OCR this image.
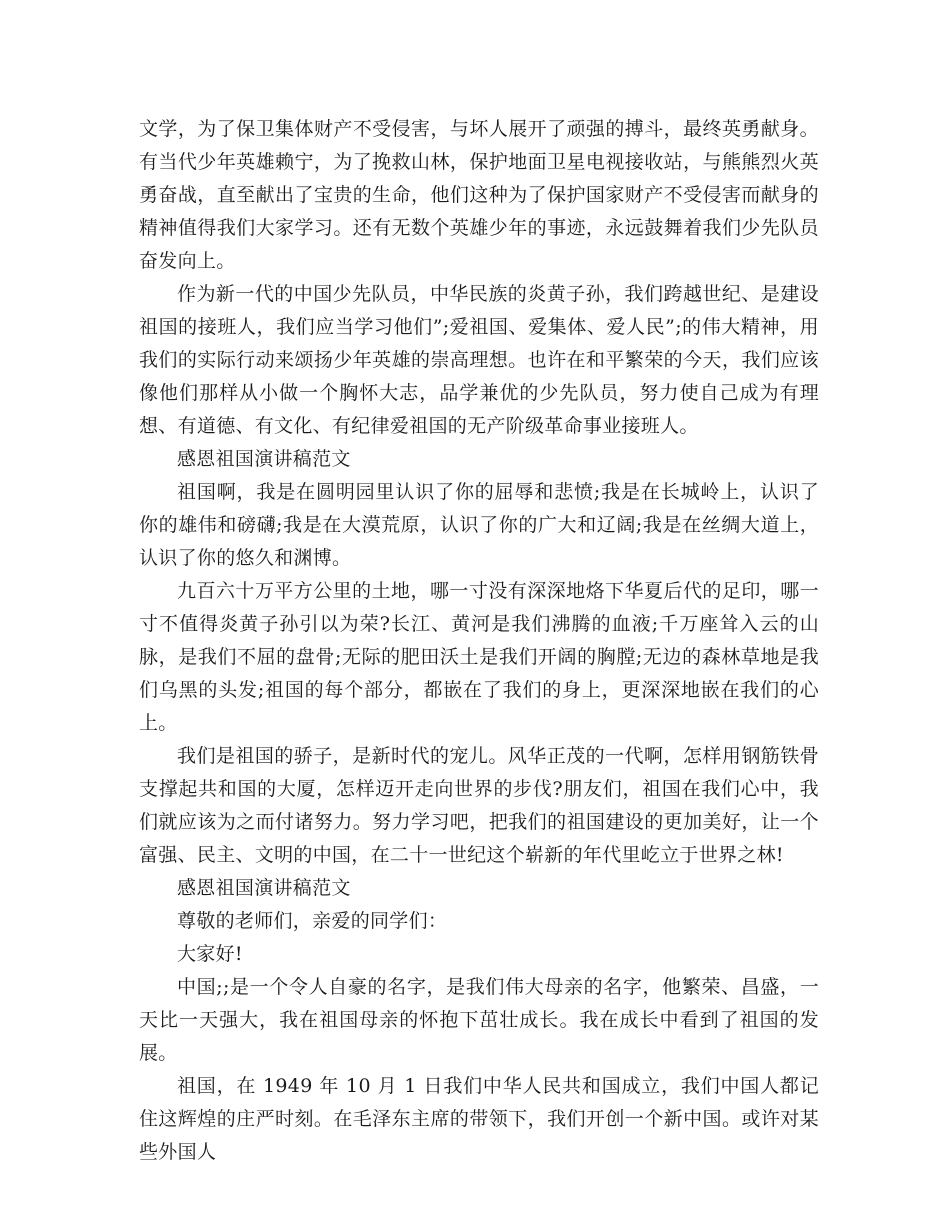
文学，为了保卫集体财产不受侵害，与坏人展开了顽强的搏斗，最终英勇献身。有当代少年英雄赖宁，为了挽救山林，保护地面卫星电视接收站，与熊熊烈火英勇奋战，直至献出了宝贵的生命，他们这种为了保护国家财产不受侵害而献身的精神值得我们大家学习。还有无数个英雄少年的事迹，永远鼓舞着我们少先队员奋发向上。

作为新一代的中国少先队员，中华民族的炎黄子孙，我们跨越世纪、是建设祖国的接班人，我们应当学习他们”;爱祖国、爱集体、爱人民”;的伟大精神，用我们的实际行动来颂扬少年英雄的崇高理想。也许在和平繁荣的今天，我们应该像他们那样从小做一个胸怀大志，品学兼优的少先队员，努力使自己成为有理想、有道德、有文化、有纪律爱祖国的无产阶级革命事业接班人。

感恩祖国演讲稿范文

祖国啊，我是在圆明园里认识了你的屈辱和悲愤;我是在长城岭上，认识了你的雄伟和磅礴;我是在大漠荒原，认识了你的广大和辽阔;我是在丝绸大道上，认识了你的悠久和渊博。

九百六十万平方公里的土地，哪一寸没有深深地烙下华夏后代的足印，哪一寸不值得炎黄子孙引以为荣?长江、黄河是我们沸腾的血液;千万座耸入云的山脉，是我们不屈的盘骨;无际的肥田沃土是我们开阔的胸膛;无边的森林草地是我们乌黑的头发;祖国的每个部分，都嵌在了我们的身上，更深深地嵌在我们的心上。

我们是祖国的骄子，是新时代的宠儿。风华正茂的一代啊，怎样用钢筋铁骨支撑起共和国的大厦，怎样迈开走向世界的步伐?朋友们，祖国在我们心中，我们就应该为之而付诸努力。努力学习吧，把我们的祖国建设的更加美好，让一个富强、民主、文明的中国，在二十一世纪这个崭新的年代里屹立于世界之林!

感恩祖国演讲稿范文

尊敬的老师们，亲爱的同学们：

大家好!

中国;;是一个令人自豪的名字，是我们伟大母亲的名字，他繁荣、昌盛，一天比一天强大，我在祖国母亲的怀抱下茁壮成长。我在成长中看到了祖国的发展。

祖国，在 1949 年 10 月 1 日我们中华人民共和国成立，我们中国人都记住这辉煌的庄严时刻。在毛泽东主席的带领下，我们开创一个新中国。或许对某些外国人
